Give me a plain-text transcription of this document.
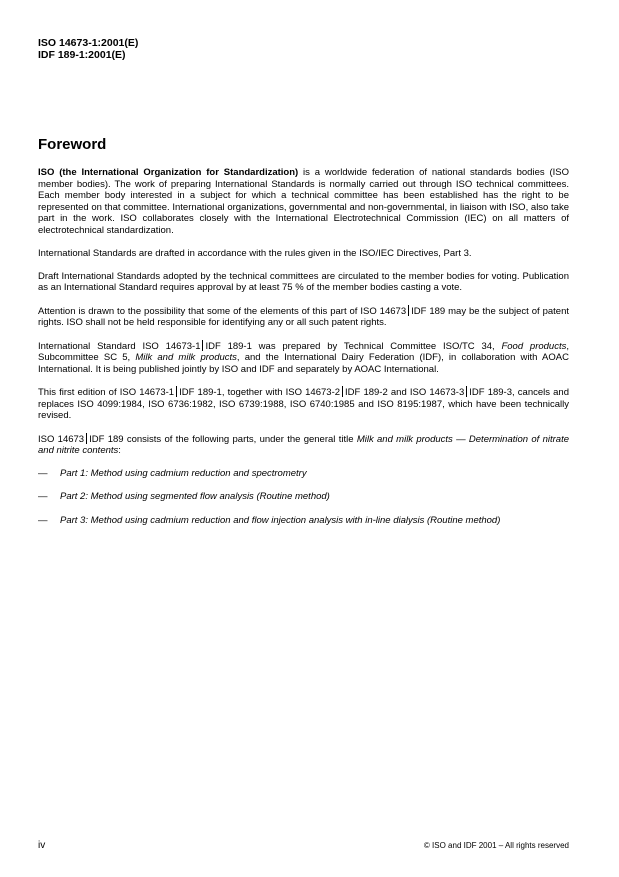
ISO 14673-1:2001(E)
IDF 189-1:2001(E)
Foreword

ISO (the International Organization for Standardization) is a worldwide federation of national standards bodies (ISO member bodies). The work of preparing International Standards is normally carried out through ISO technical committees. Each member body interested in a subject for which a technical committee has been established has the right to be represented on that committee. International organizations, governmental and non-governmental, in liaison with ISO, also take part in the work. ISO collaborates closely with the International Electrotechnical Commission (IEC) on all matters of electrotechnical standardization.

International Standards are drafted in accordance with the rules given in the ISO/IEC Directives, Part 3.

Draft International Standards adopted by the technical committees are circulated to the member bodies for voting. Publication as an International Standard requires approval by at least 75 % of the member bodies casting a vote.

Attention is drawn to the possibility that some of the elements of this part of ISO 14673 IDF 189 may be the subject of patent rights. ISO shall not be held responsible for identifying any or all such patent rights.

International Standard ISO 14673-1 IDF 189-1 was prepared by Technical Committee ISO/TC 34, Food products, Subcommittee SC 5, Milk and milk products, and the International Dairy Federation (IDF), in collaboration with AOAC International. It is being published jointly by ISO and IDF and separately by AOAC International.

This first edition of ISO 14673-1 IDF 189-1, together with ISO 14673-2 IDF 189-2 and ISO 14673-3 IDF 189-3, cancels and replaces ISO 4099:1984, ISO 6736:1982, ISO 6739:1988, ISO 6740:1985 and ISO 8195:1987, which have been technically revised.

ISO 14673 IDF 189 consists of the following parts, under the general title Milk and milk products — Determination of nitrate and nitrite contents:

—	Part 1: Method using cadmium reduction and spectrometry
—	Part 2: Method using segmented flow analysis (Routine method)
—	Part 3: Method using cadmium reduction and flow injection analysis with in-line dialysis (Routine method)
iv	© ISO and IDF 2001 – All rights reserved
